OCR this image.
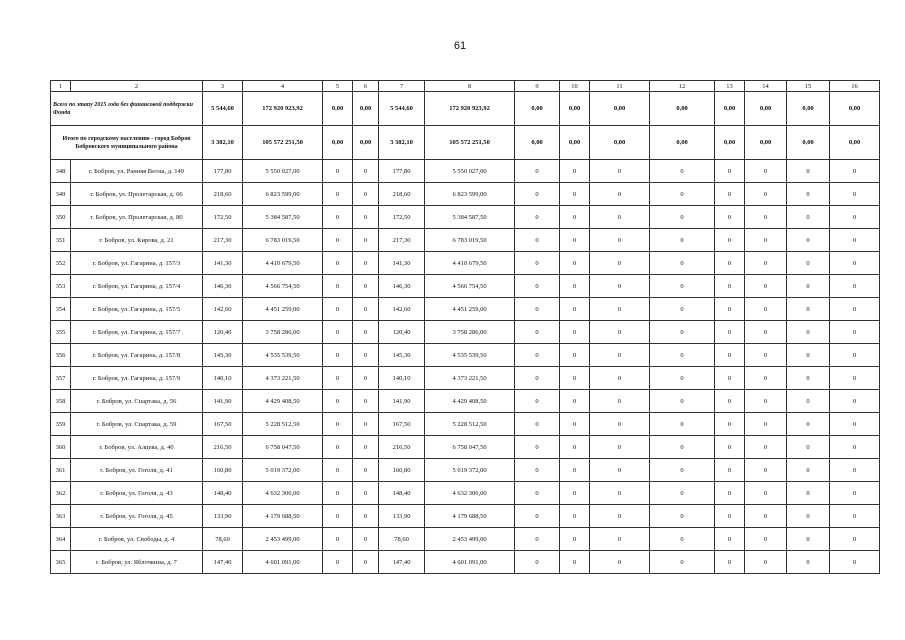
61
1	2	3	4	5	6	7	8	9	10	11	12	13	14	15	16
Всего по этапу 2015 года без финансовой поддержки Фонда		5 544,60	172 920 923,92	0,00	0,00	5 544,60	172 920 923,92	0,00	0,00	0,00	0,00	0,00	0,00	0,00	0,00
Итого по городскому населению - город Бобров Бобровского муниципального района		3 382,10	105 572 251,50	0,00	0,00	3 382,10	105 572 251,50	0,00	0,00	0,00	0,00	0,00	0,00	0,00	0,00
348	г. Бобров, ул. Ранняя Весна, д. 149	177,80	5 550 027,00	0	0	177,80	5 550 027,00	0	0	0	0	0	0	0	0
349	г. Бобров, ул. Пролетарская, д. 66	218,60	6 823 599,00	0	0	218,60	6 823 599,00	0	0	0	0	0	0	0	0
350	г. Бобров, ул. Пролетарская, д. 80	172,50	5 384 587,50	0	0	172,50	5 384 587,50	0	0	0	0	0	0	0	0
351	г. Бобров, ул. Кирова, д. 21	217,30	6 783 019,50	0	0	217,30	6 783 019,50	0	0	0	0	0	0	0	0
352	г. Бобров, ул. Гагарина, д. 157/3	141,30	4 410 679,50	0	0	141,30	4 410 679,50	0	0	0	0	0	0	0	0
353	г. Бобров, ул. Гагарина, д. 157/4	146,30	4 566 754,50	0	0	146,30	4 566 754,50	0	0	0	0	0	0	0	0
354	г. Бобров, ул. Гагарина, д. 157/5	142,60	4 451 259,00	0	0	142,60	4 451 259,00	0	0	0	0	0	0	0	0
355	г. Бобров, ул. Гагарина, д. 157/7	120,40	3 758 286,00	0	0	120,40	3 758 286,00	0	0	0	0	0	0	0	0
356	г. Бобров, ул. Гагарина, д. 157/8	145,30	4 535 539,50	0	0	145,30	4 535 539,50	0	0	0	0	0	0	0	0
357	г. Бобров, ул. Гагарина, д. 157/9	140,10	4 373 221,50	0	0	140,10	4 373 221,50	0	0	0	0	0	0	0	0
358	г. Бобров, ул. Спартака, д. 56	141,90	4 429 408,50	0	0	141,90	4 429 408,50	0	0	0	0	0	0	0	0
359	г. Бобров, ул. Спартака, д. 59	167,50	5 228 512,50	0	0	167,50	5 228 512,50	0	0	0	0	0	0	0	0
360	г. Бобров, ул. Алцева, д. 40	216,50	6 758 047,50	0	0	216,50	6 758 047,50	0	0	0	0	0	0	0	0
361	г. Бобров, ул. Гоголя, д. 41	160,80	5 019 372,00	0	0	160,80	5 019 372,00	0	0	0	0	0	0	0	0
362	г. Бобров, ул. Гоголя, д. 43	148,40	4 632 306,00	0	0	148,40	4 632 306,00	0	0	0	0	0	0	0	0
363	г. Бобров, ул. Гоголя, д. 45	133,90	4 179 688,50	0	0	133,90	4 179 688,50	0	0	0	0	0	0	0	0
364	г. Бобров, ул. Свободы, д. 4	78,60	2 453 499,00	0	0	78,60	2 453 499,00	0	0	0	0	0	0	0	0
365	г. Бобров, ул. Яблочкина, д. 7	147,40	4 601 091,00	0	0	147,40	4 601 091,00	0	0	0	0	0	0	0	0
